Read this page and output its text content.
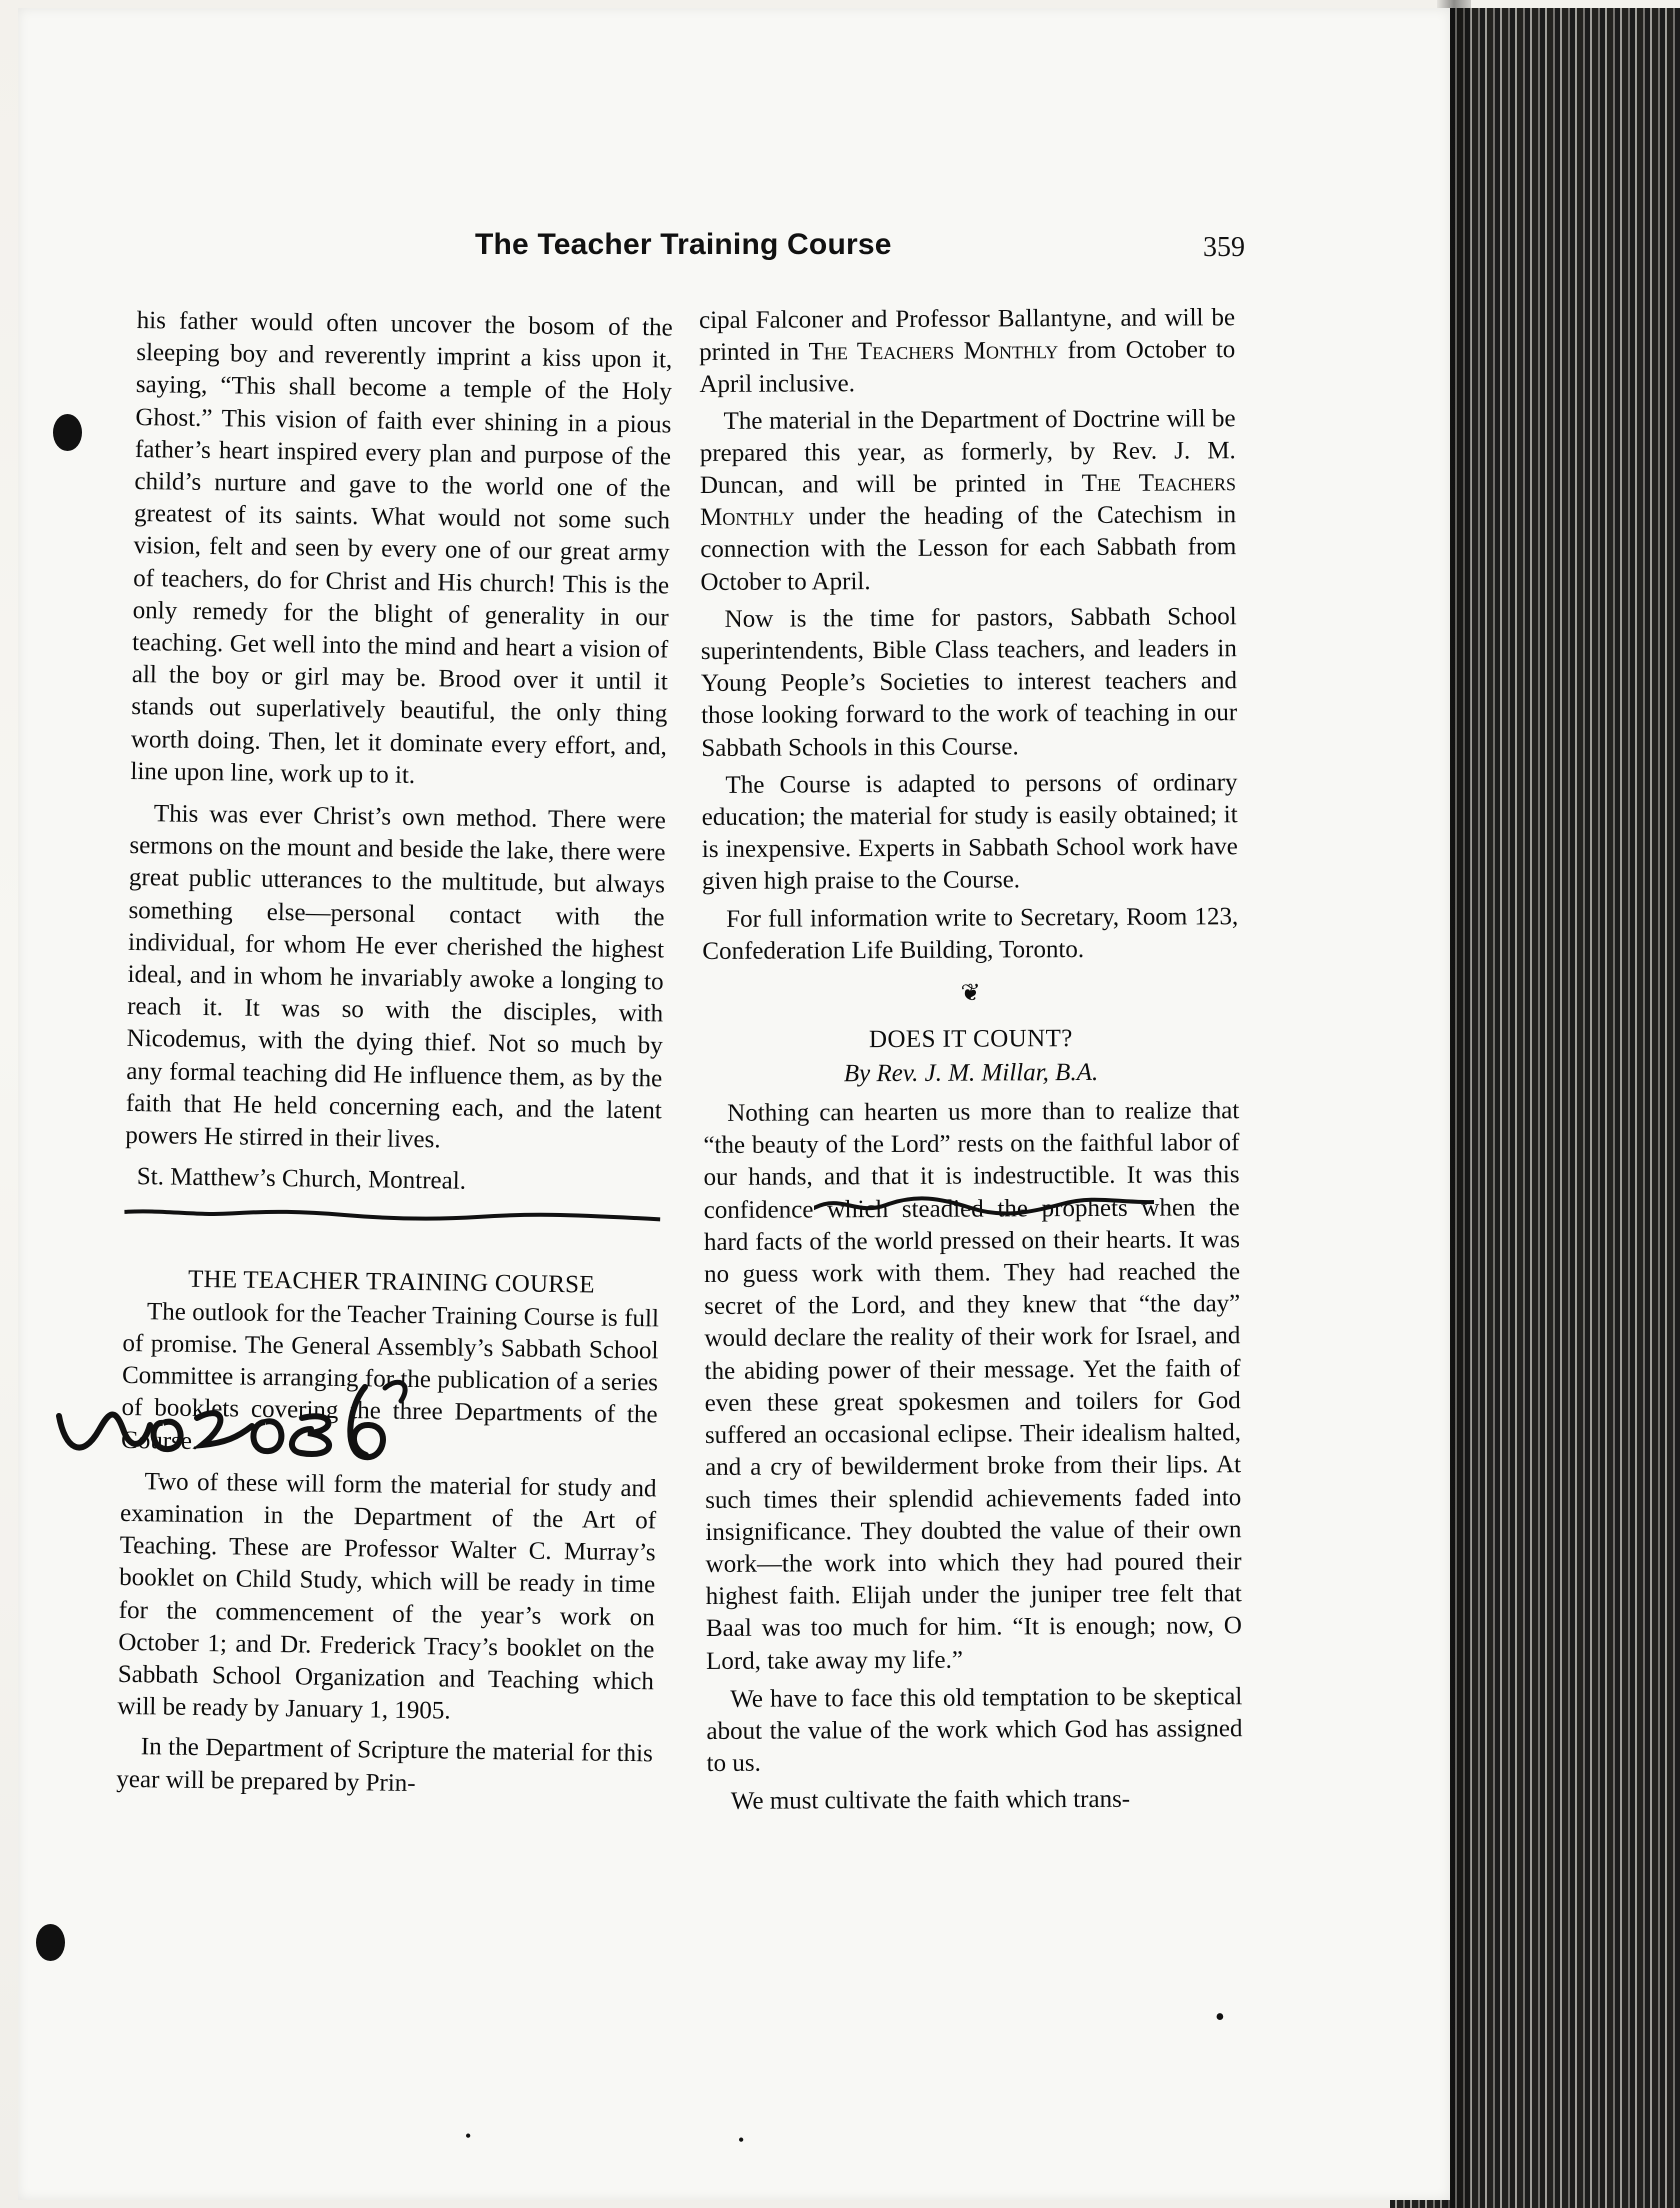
The Teacher Training Course	359

his father would often uncover the bosom of the sleeping boy and reverently imprint a kiss upon it, saying, “This shall become a temple of the Holy Ghost.” This vision of faith ever shining in a pious father’s heart inspired every plan and purpose of the child’s nurture and gave to the world one of the greatest of its saints. What would not some such vision, felt and seen by every one of our great army of teachers, do for Christ and His church! This is the only remedy for the blight of generality in our teaching. Get well into the mind and heart a vision of all the boy or girl may be. Brood over it until it stands out superlatively beautiful, the only thing worth doing. Then, let it dominate every effort, and, line upon line, work up to it.

This was ever Christ’s own method. There were sermons on the mount and beside the lake, there were great public utterances to the multitude, but always something else—personal contact with the individual, for whom He ever cherished the highest ideal, and in whom he invariably awoke a longing to reach it. It was so with the disciples, with Nicodemus, with the dying thief. Not so much by any formal teaching did He influence them, as by the faith that He held concerning each, and the latent powers He stirred in their lives.

St. Matthew’s Church, Montreal.

THE TEACHER TRAINING COURSE

The outlook for the Teacher Training Course is full of promise. The General Assembly’s Sabbath School Committee is arranging for the publication of a series of booklets covering the three Departments of the Course.

Two of these will form the material for study and examination in the Department of the Art of Teaching. These are Professor Walter C. Murray’s booklet on Child Study, which will be ready in time for the commencement of the year’s work on October 1; and Dr. Frederick Tracy’s booklet on the Sabbath School Organization and Teaching which will be ready by January 1, 1905.

In the Department of Scripture the material for this year will be prepared by Prin-

cipal Falconer and Professor Ballantyne, and will be printed in The Teachers Monthly from October to April inclusive.

The material in the Department of Doctrine will be prepared this year, as formerly, by Rev. J. M. Duncan, and will be printed in The Teachers Monthly under the heading of the Catechism in connection with the Lesson for each Sabbath from October to April.

Now is the time for pastors, Sabbath School superintendents, Bible Class teachers, and leaders in Young People’s Societies to interest teachers and those looking forward to the work of teaching in our Sabbath Schools in this Course.

The Course is adapted to persons of ordinary education; the material for study is easily obtained; it is inexpensive. Experts in Sabbath School work have given high praise to the Course.

For full information write to Secretary, Room 123, Confederation Life Building, Toronto.

❦

DOES IT COUNT?

By Rev. J. M. Millar, B.A.

Nothing can hearten us more than to realize that “the beauty of the Lord” rests on the faithful labor of our hands, and that it is indestructible. It was this confidence which steadied the prophets when the hard facts of the world pressed on their hearts. It was no guess work with them. They had reached the secret of the Lord, and they knew that “the day” would declare the reality of their work for Israel, and the abiding power of their message. Yet the faith of even these great spokesmen and toilers for God suffered an occasional eclipse. Their idealism halted, and a cry of bewilderment broke from their lips. At such times their splendid achievements faded into insignificance. They doubted the value of their own work—the work into which they had poured their highest faith. Elijah under the juniper tree felt that Baal was too much for him. “It is enough; now, O Lord, take away my life.”

We have to face this old temptation to be skeptical about the value of the work which God has assigned to us.

We must cultivate the faith which trans-

•
•	•
